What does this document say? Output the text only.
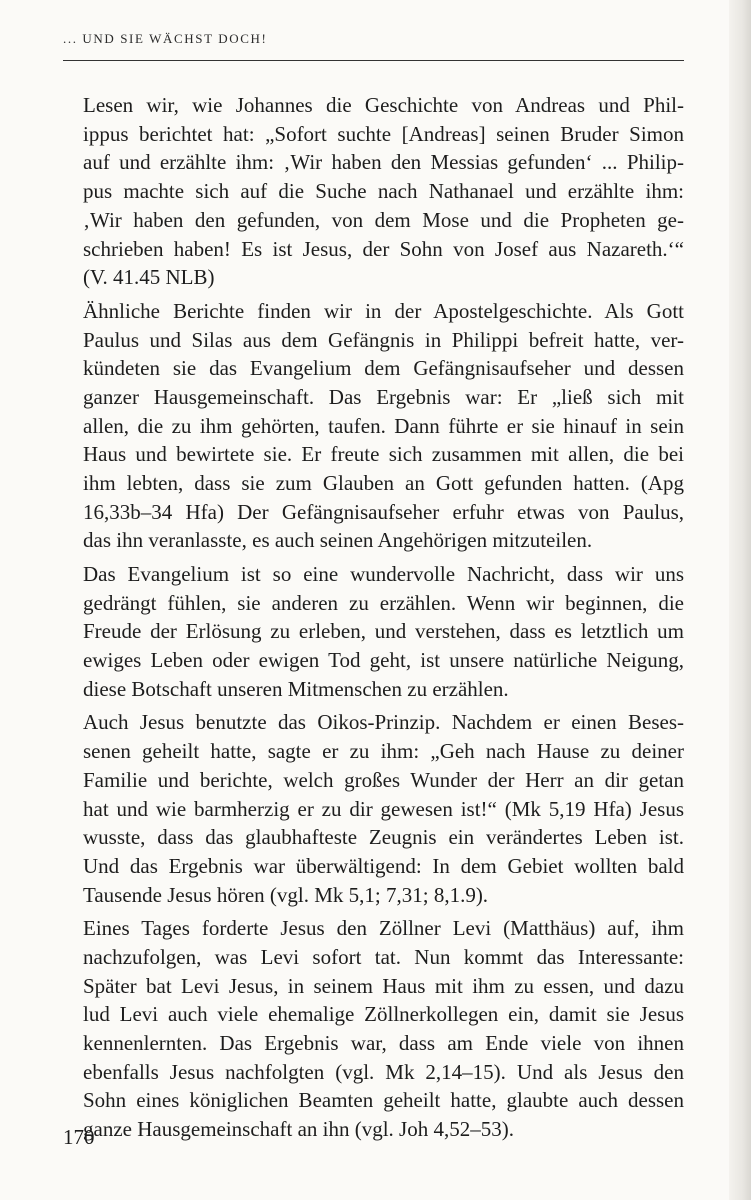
... UND SIE WÄCHST DOCH!

Lesen wir, wie Johannes die Geschichte von Andreas und Phil-
ippus berichtet hat: „Sofort suchte [Andreas] seinen Bruder Simon
auf und erzählte ihm: ‚Wir haben den Messias gefunden‘ ... Philip-
pus machte sich auf die Suche nach Nathanael und erzählte ihm:
‚Wir haben den gefunden, von dem Mose und die Propheten ge-
schrieben haben! Es ist Jesus, der Sohn von Josef aus Nazareth.‘“
(V. 41.45 NLB)

Ähnliche Berichte finden wir in der Apostelgeschichte. Als Gott
Paulus und Silas aus dem Gefängnis in Philippi befreit hatte, ver-
kündeten sie das Evangelium dem Gefängnisaufseher und dessen
ganzer Hausgemeinschaft. Das Ergebnis war: Er „ließ sich mit
allen, die zu ihm gehörten, taufen. Dann führte er sie hinauf in sein
Haus und bewirtete sie. Er freute sich zusammen mit allen, die bei
ihm lebten, dass sie zum Glauben an Gott gefunden hatten. (Apg
16,33b–34 Hfa) Der Gefängnisaufseher erfuhr etwas von Paulus,
das ihn veranlasste, es auch seinen Angehörigen mitzuteilen.

Das Evangelium ist so eine wundervolle Nachricht, dass wir uns
gedrängt fühlen, sie anderen zu erzählen. Wenn wir beginnen, die
Freude der Erlösung zu erleben, und verstehen, dass es letztlich um
ewiges Leben oder ewigen Tod geht, ist unsere natürliche Neigung,
diese Botschaft unseren Mitmenschen zu erzählen.

Auch Jesus benutzte das Oikos-Prinzip. Nachdem er einen Beses-
senen geheilt hatte, sagte er zu ihm: „Geh nach Hause zu deiner
Familie und berichte, welch großes Wunder der Herr an dir getan
hat und wie barmherzig er zu dir gewesen ist!“ (Mk 5,19 Hfa) Jesus
wusste, dass das glaubhafteste Zeugnis ein verändertes Leben ist.
Und das Ergebnis war überwältigend: In dem Gebiet wollten bald
Tausende Jesus hören (vgl. Mk 5,1; 7,31; 8,1.9).

Eines Tages forderte Jesus den Zöllner Levi (Matthäus) auf, ihm
nachzufolgen, was Levi sofort tat. Nun kommt das Interessante:
Später bat Levi Jesus, in seinem Haus mit ihm zu essen, und dazu
lud Levi auch viele ehemalige Zöllnerkollegen ein, damit sie Jesus
kennenlernten. Das Ergebnis war, dass am Ende viele von ihnen
ebenfalls Jesus nachfolgten (vgl. Mk 2,14–15). Und als Jesus den
Sohn eines königlichen Beamten geheilt hatte, glaubte auch dessen
ganze Hausgemeinschaft an ihn (vgl. Joh 4,52–53).

170
